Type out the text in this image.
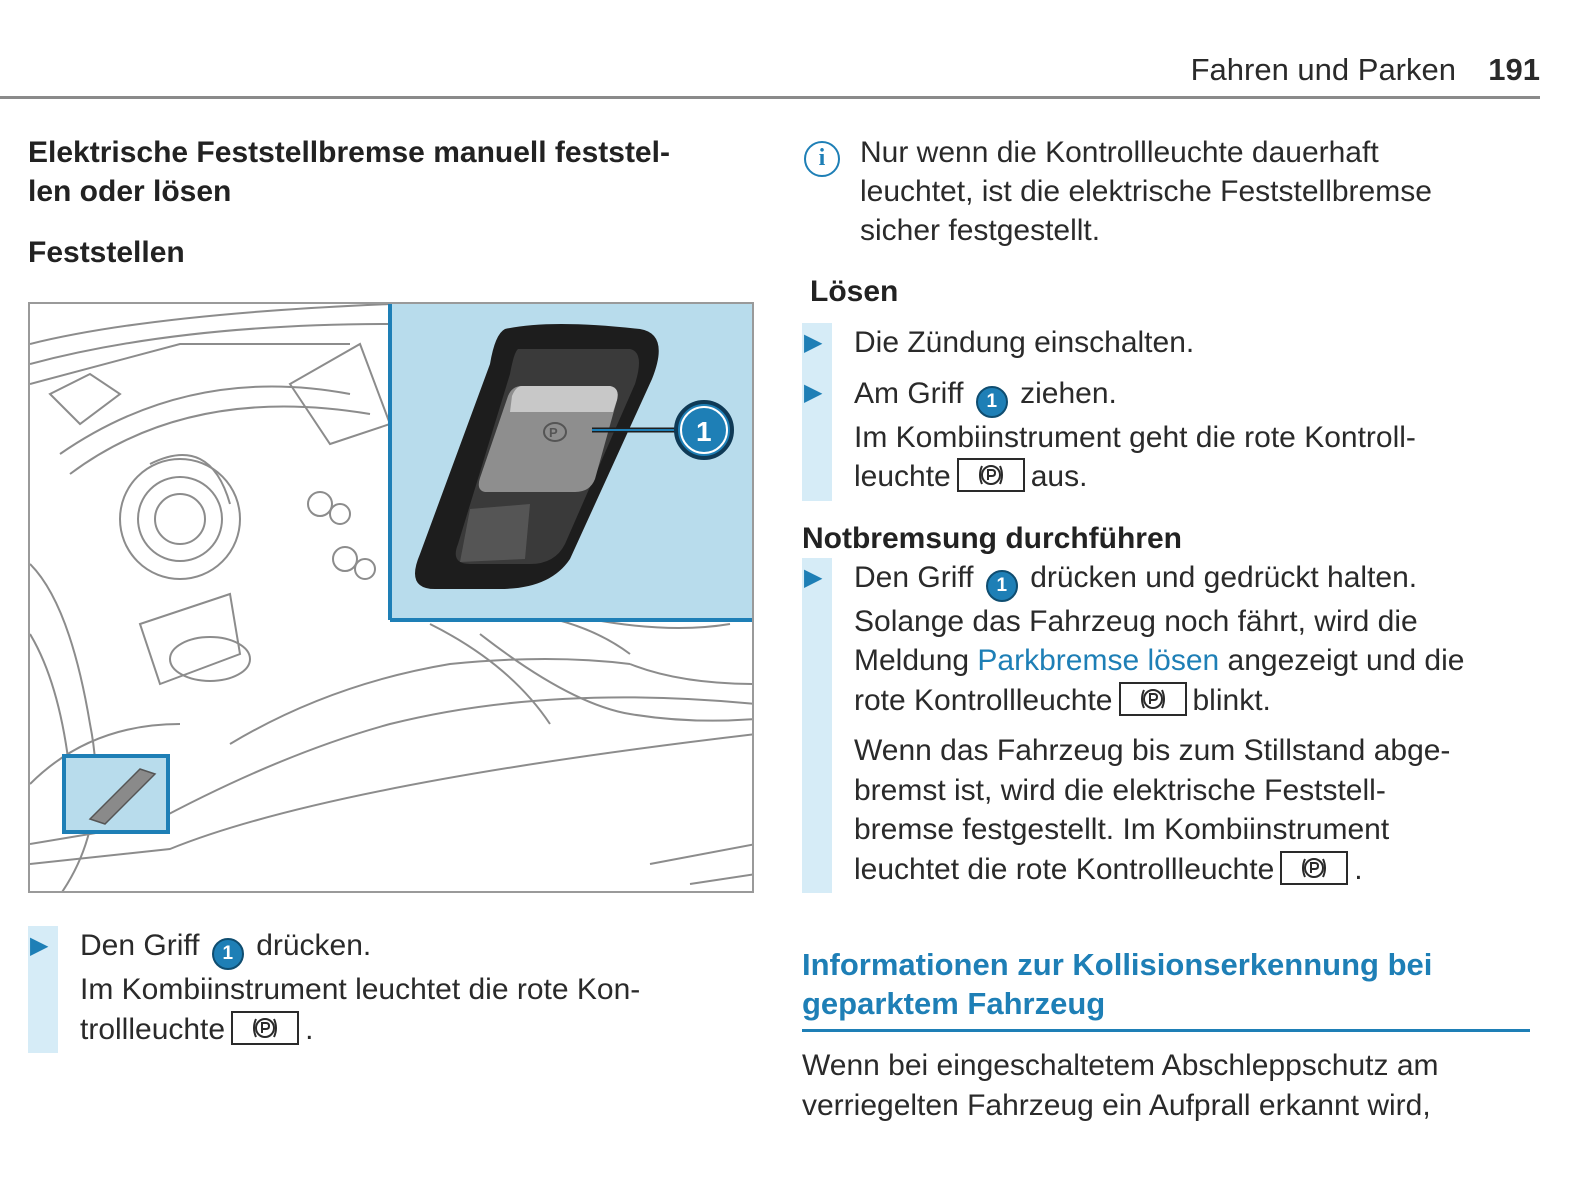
Fahren und Parken 191

Elektrische Feststellbremse manuell feststel-
len oder lösen

Feststellen

P	1
▶ Den Griff 1 drücken.
Im Kombiinstrument leuchtet die rote Kon-
trollleuchte	.
i	Nur wenn die Kontrollleuchte dauerhaft
leuchtet, ist die elektrische Feststellbremse
sicher festgestellt.

Lösen

▶ Die Zündung einschalten.
▶ Am Griff 1 ziehen.
Im Kombiinstrument geht die rote Kontroll-
leuchte	aus.

Notbremsung durchführen

▶ Den Griff 1 drücken und gedrückt halten.
Solange das Fahrzeug noch fährt, wird die
Meldung Parkbremse lösen angezeigt und die
rote Kontrollleuchte	blinkt.
Wenn das Fahrzeug bis zum Stillstand abge-
bremst ist, wird die elektrische Feststell-
bremse festgestellt. Im Kombiinstrument
leuchtet die rote Kontrollleuchte	.

Informationen zur Kollisionserkennung bei
geparktem Fahrzeug

Wenn bei eingeschaltetem Abschleppschutz am
verriegelten Fahrzeug ein Aufprall erkannt wird,
